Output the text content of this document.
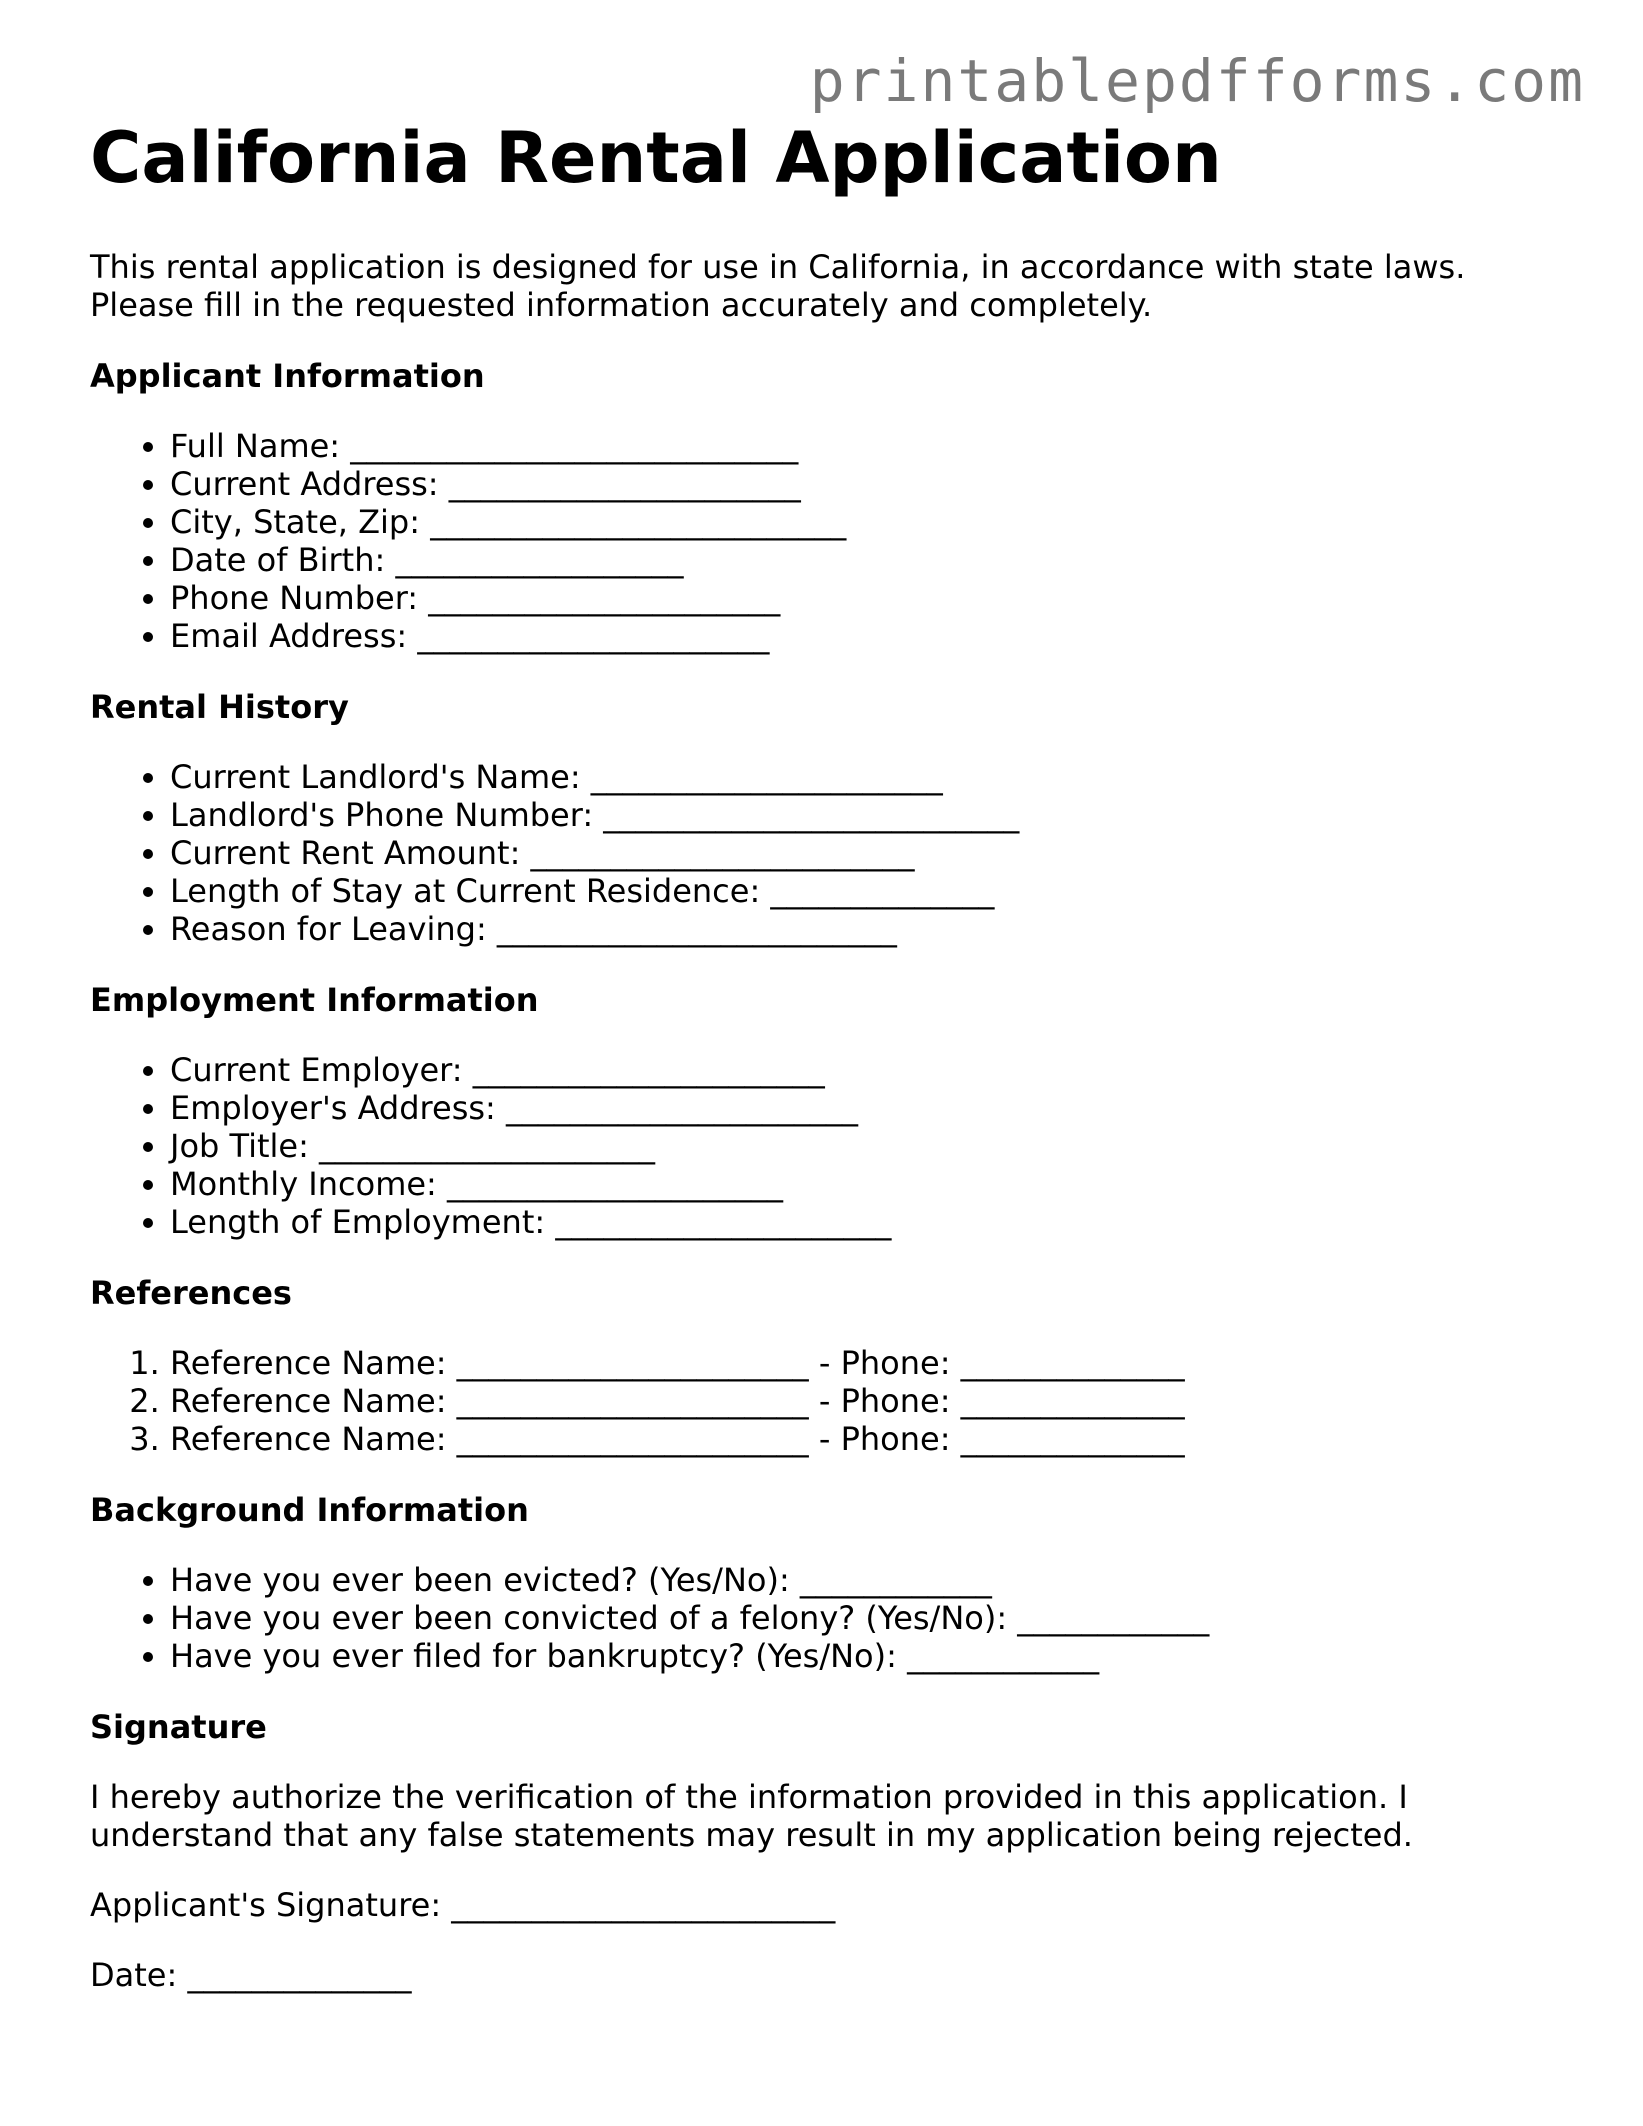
printablepdfforms.com
California Rental Application

This rental application is designed for use in California, in accordance with state laws. Please fill in the requested information accurately and completely.

Applicant Information
• Full Name: ____________________________
• Current Address: ______________________
• City, State, Zip: __________________________
• Date of Birth: __________________
• Phone Number: ______________________
• Email Address: ______________________
Rental History
• Current Landlord's Name: ______________________
• Landlord's Phone Number: __________________________
• Current Rent Amount: ________________________
• Length of Stay at Current Residence: ______________
• Reason for Leaving: _________________________
Employment Information
• Current Employer: ______________________
• Employer's Address: ______________________
• Job Title: _____________________
• Monthly Income: _____________________
• Length of Employment: _____________________
References
1. Reference Name: ______________________ - Phone: ______________
2. Reference Name: ______________________ - Phone: ______________
3. Reference Name: ______________________ - Phone: ______________
Background Information
• Have you ever been evicted? (Yes/No): ____________
• Have you ever been convicted of a felony? (Yes/No): ____________
• Have you ever filed for bankruptcy? (Yes/No): ____________
Signature

I hereby authorize the verification of the information provided in this application. I understand that any false statements may result in my application being rejected.

Applicant's Signature: ________________________

Date: ______________
